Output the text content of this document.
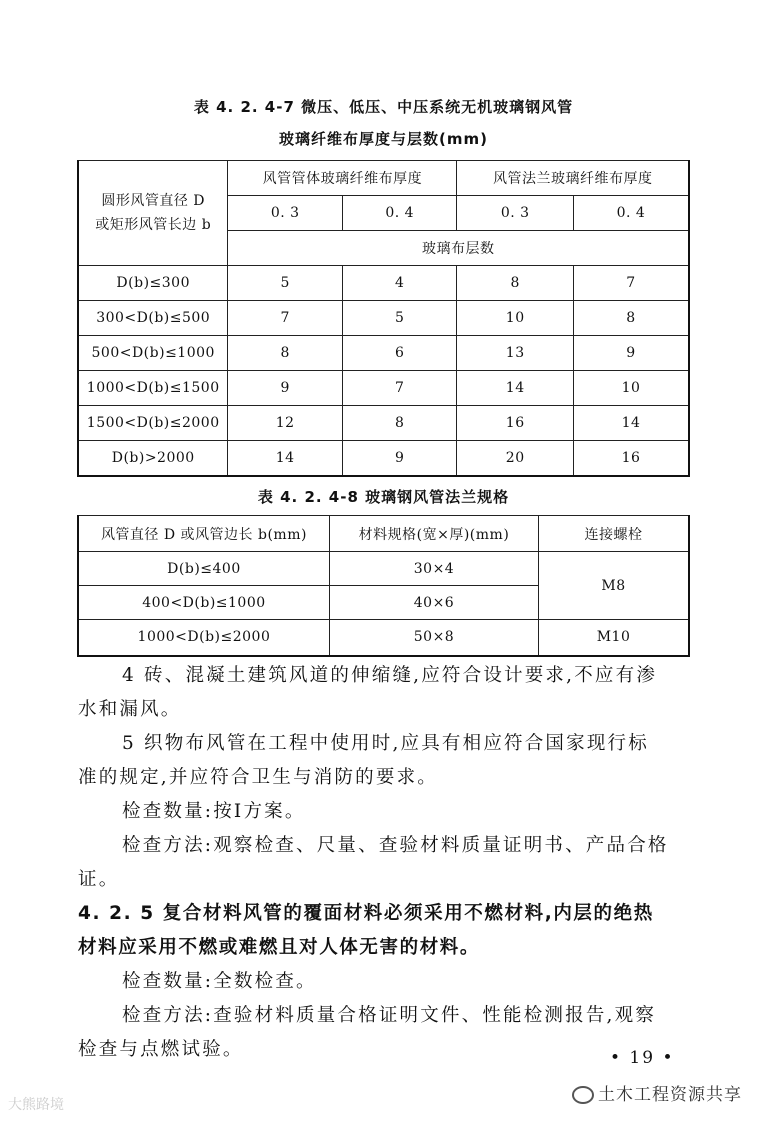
表 4. 2. 4-7 微压、低压、中压系统无机玻璃钢风管
玻璃纤维布厚度与层数(mm)
圆形风管直径 D
或矩形风管长边 b	风管管体玻璃纤维布厚度		风管法兰玻璃纤维布厚度	
	0. 3	0. 4	0. 3	0. 4
	玻璃布层数			
D(b)≤300	5	4	8	7
300<D(b)≤500	7	5	10	8
500<D(b)≤1000	8	6	13	9
1000<D(b)≤1500	9	7	14	10
1500<D(b)≤2000	12	8	16	14
D(b)>2000	14	9	20	16
表 4. 2. 4-8 玻璃钢风管法兰规格
风管直径 D 或风管边长 b(mm)	材料规格(宽×厚)(mm)	连接螺栓
D(b)≤400	30×4	M8
400<D(b)≤1000	40×6	
1000<D(b)≤2000	50×8	M10
4 砖、混凝土建筑风道的伸缩缝,应符合设计要求,不应有渗
水和漏风。
5 织物布风管在工程中使用时,应具有相应符合国家现行标
准的规定,并应符合卫生与消防的要求。
检查数量:按Ⅰ方案。
检查方法:观察检查、尺量、查验材料质量证明书、产品合格
证。
4. 2. 5 复合材料风管的覆面材料必须采用不燃材料,内层的绝热
材料应采用不燃或难燃且对人体无害的材料。
检查数量:全数检查。
检查方法:查验材料质量合格证明文件、性能检测报告,观察
检查与点燃试验。	• 19 •
土木工程资源共享
大熊路境
